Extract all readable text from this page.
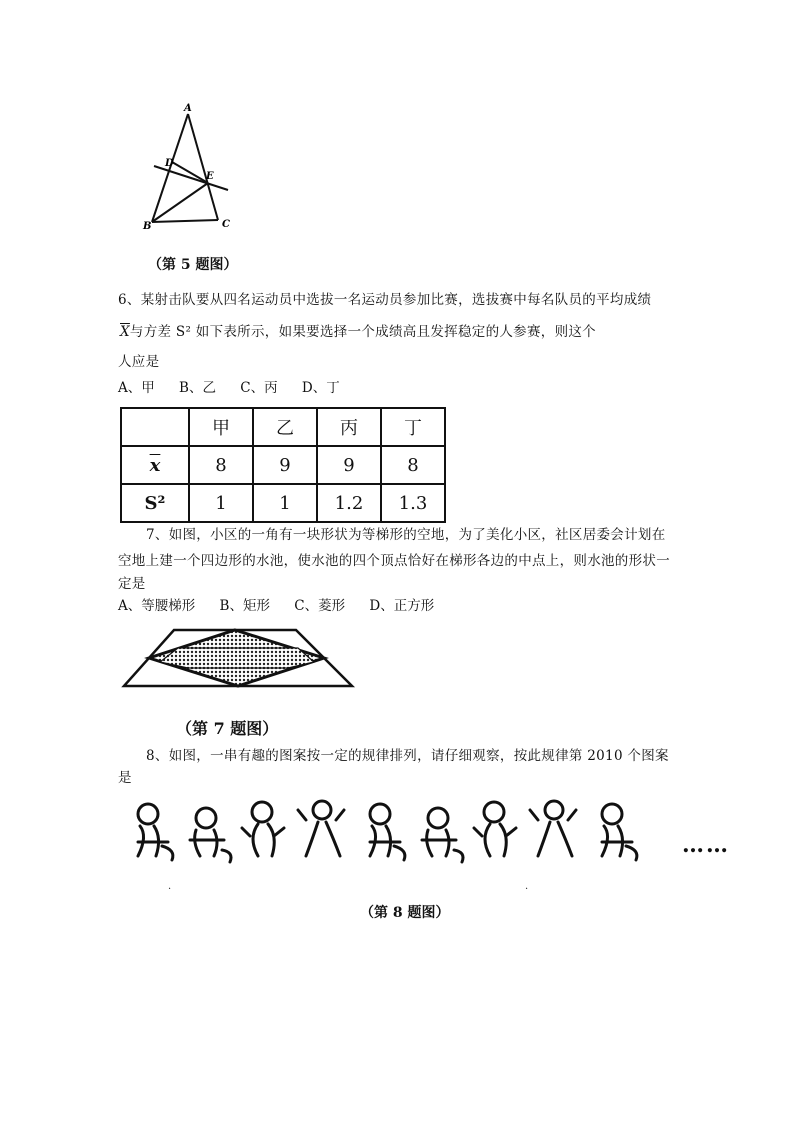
A
D
E
B	C
（第 5 题图）
6、某射击队要从四名运动员中选拔一名运动员参加比赛，选拔赛中每名队员的平均成绩
$\overline{X}$与方差 S² 如下表所示，如果要选择一个成绩高且发挥稳定的人参赛，则这个
人应是
A、甲 B、乙 C、丙 D、丁
	甲	乙	丙	丁
$\overline{x}$	8	9	9	8
S²	1	1	1.2	1.3
7、如图，小区的一角有一块形状为等梯形的空地，为了美化小区，社区居委会计划在
空地上建一个四边形的水池，使水池的四个顶点恰好在梯形各边的中点上，则水池的形状一
定是
A、等腰梯形 B、矩形 C、菱形 D、正方形
（第 7 题图）
8、如图，一串有趣的图案按一定的规律排列，请仔细观察，按此规律第 2010 个图案
是
……
·	·
（第 8 题图）
